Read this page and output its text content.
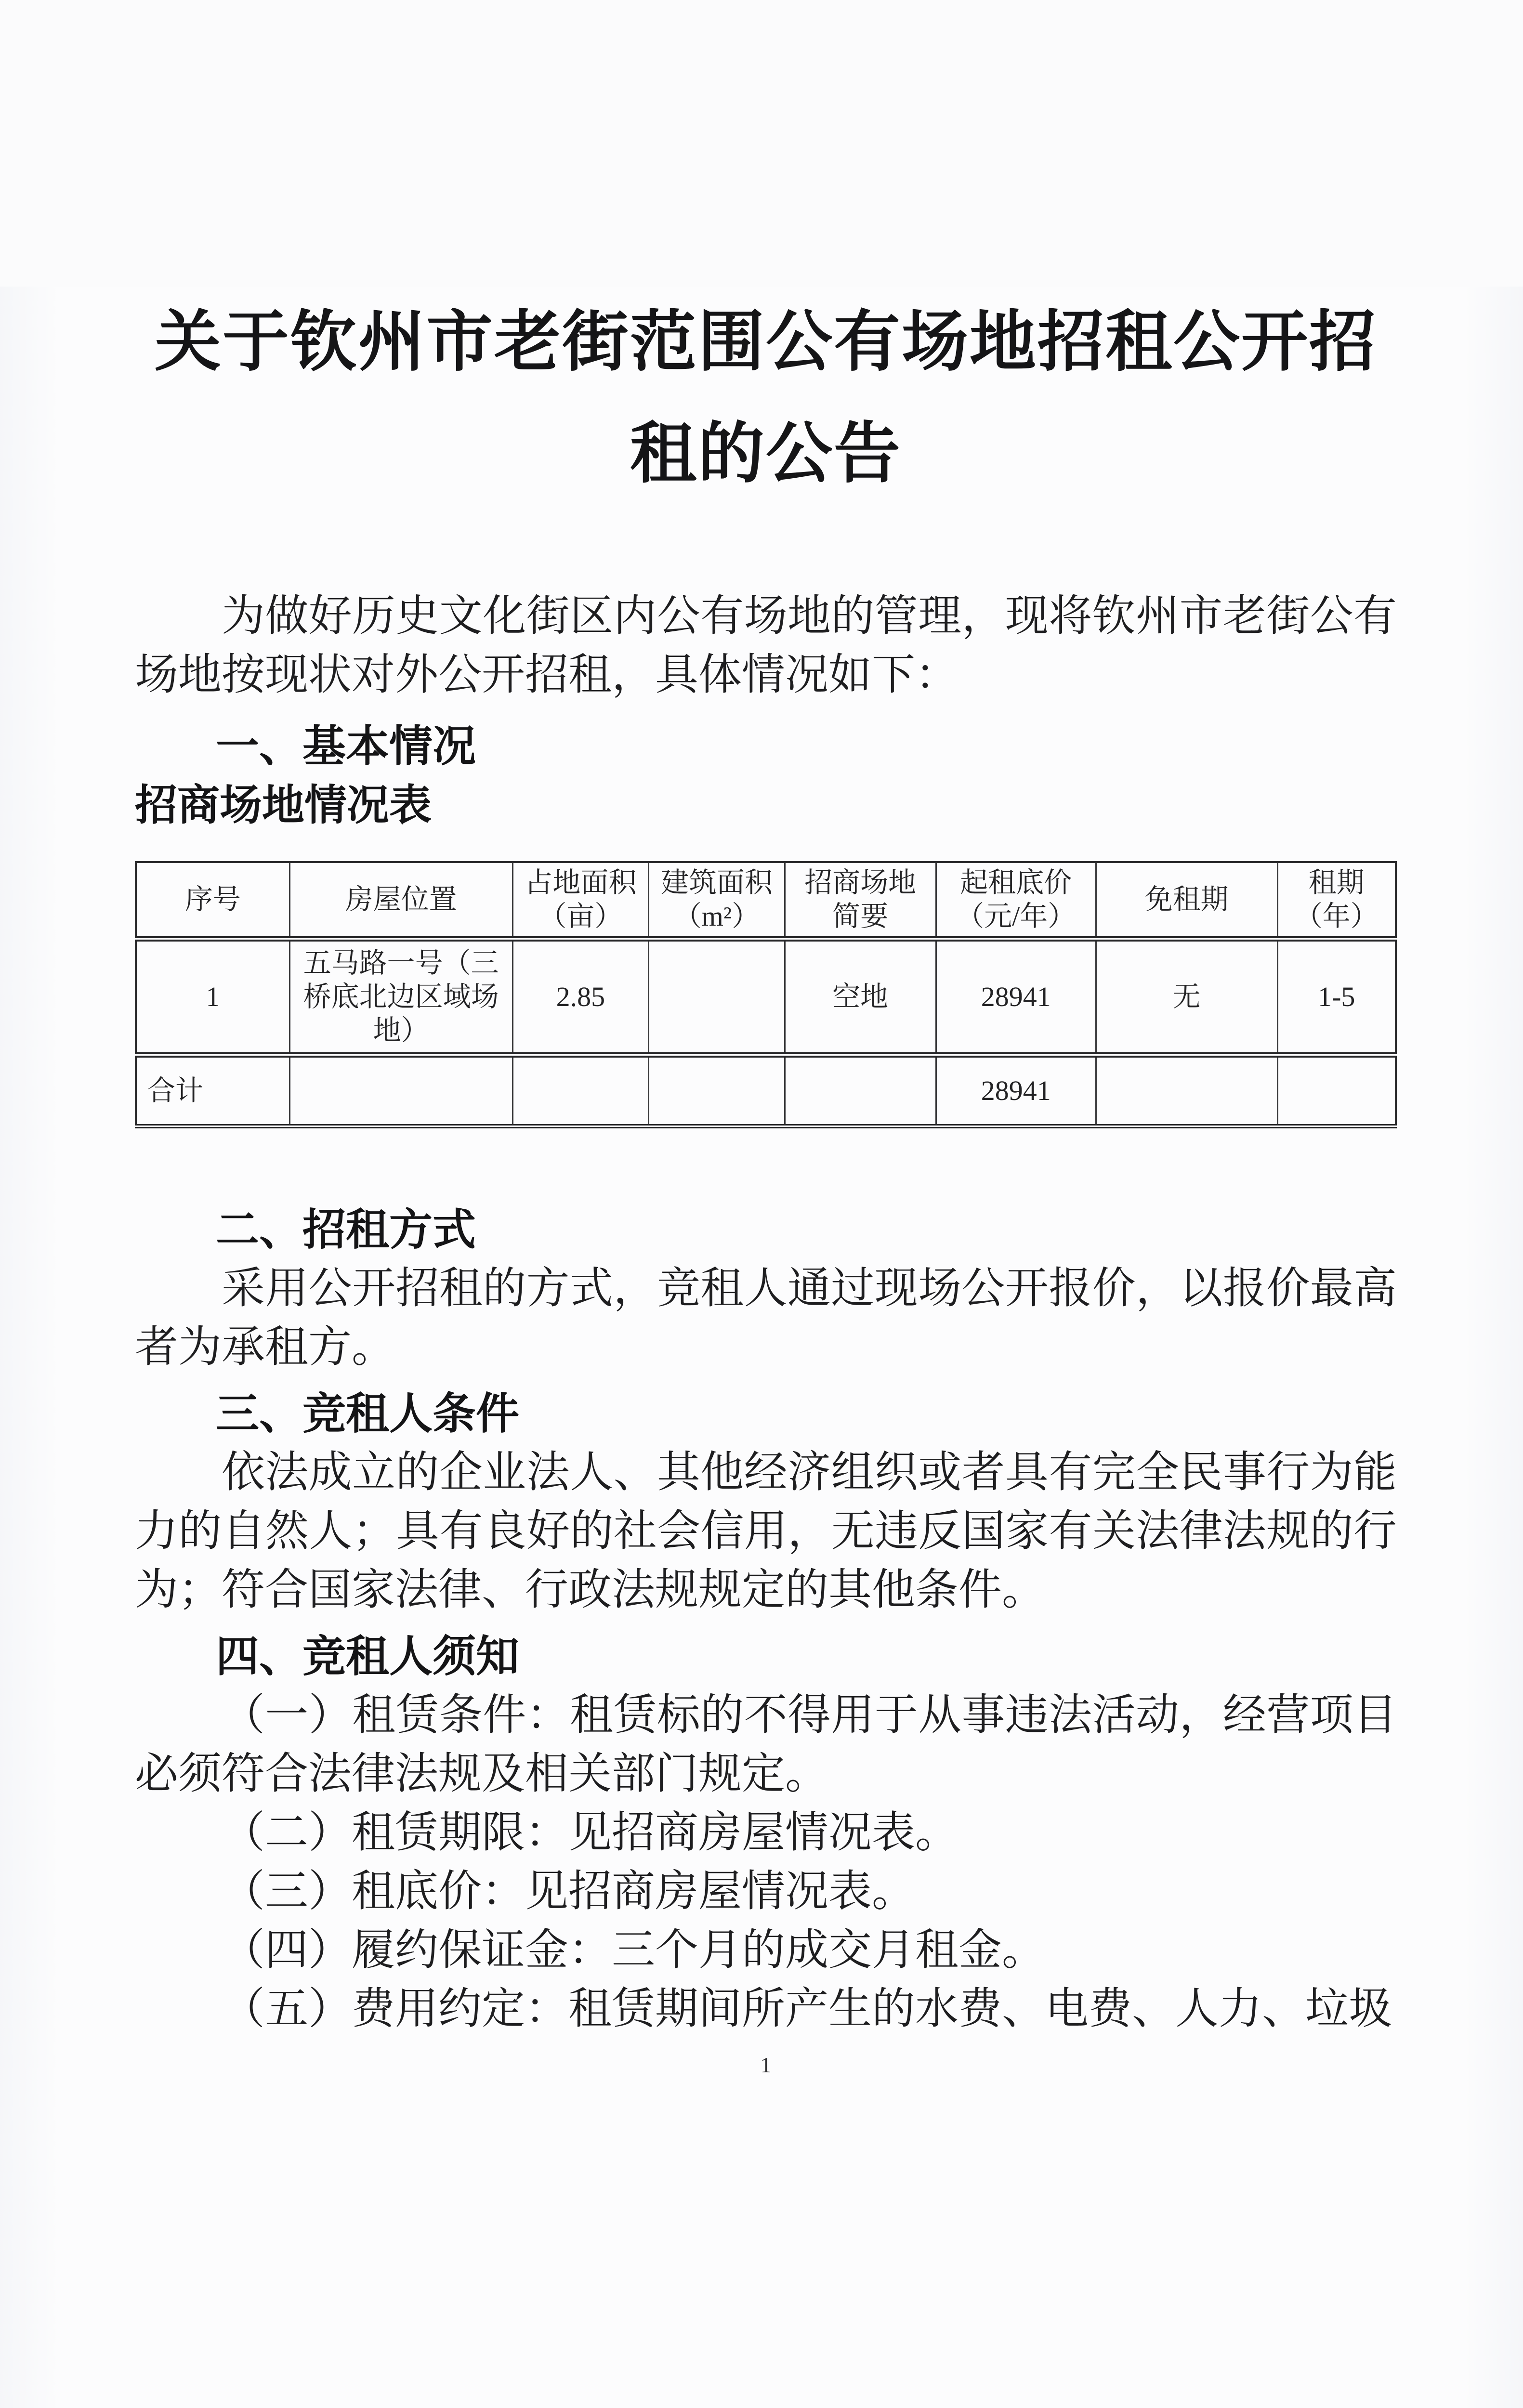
关于钦州市老街范围公有场地招租公开招
租的公告

为做好历史文化街区内公有场地的管理，现将钦州市老街公有场地按现状对外公开招租，具体情况如下：

一、基本情况
招商场地情况表
序号	房屋位置	占地面积（亩）	建筑面积（m²）	招商场地简要	起租底价（元/年）	免租期	租期（年）
1	五马路一号（三桥底北边区域场地）	2.85		空地	28941	无	1-5
合计					28941		
二、招租方式

采用公开招租的方式，竞租人通过现场公开报价，以报价最高者为承租方。

三、竞租人条件

依法成立的企业法人、其他经济组织或者具有完全民事行为能力的自然人；具有良好的社会信用，无违反国家有关法律法规的行为；符合国家法律、行政法规规定的其他条件。

四、竞租人须知

（一）租赁条件：租赁标的不得用于从事违法活动，经营项目必须符合法律法规及相关部门规定。

（二）租赁期限：见招商房屋情况表。

（三）租底价：见招商房屋情况表。

（四）履约保证金：三个月的成交月租金。

（五）费用约定：租赁期间所产生的水费、电费、人力、垃圾

1
